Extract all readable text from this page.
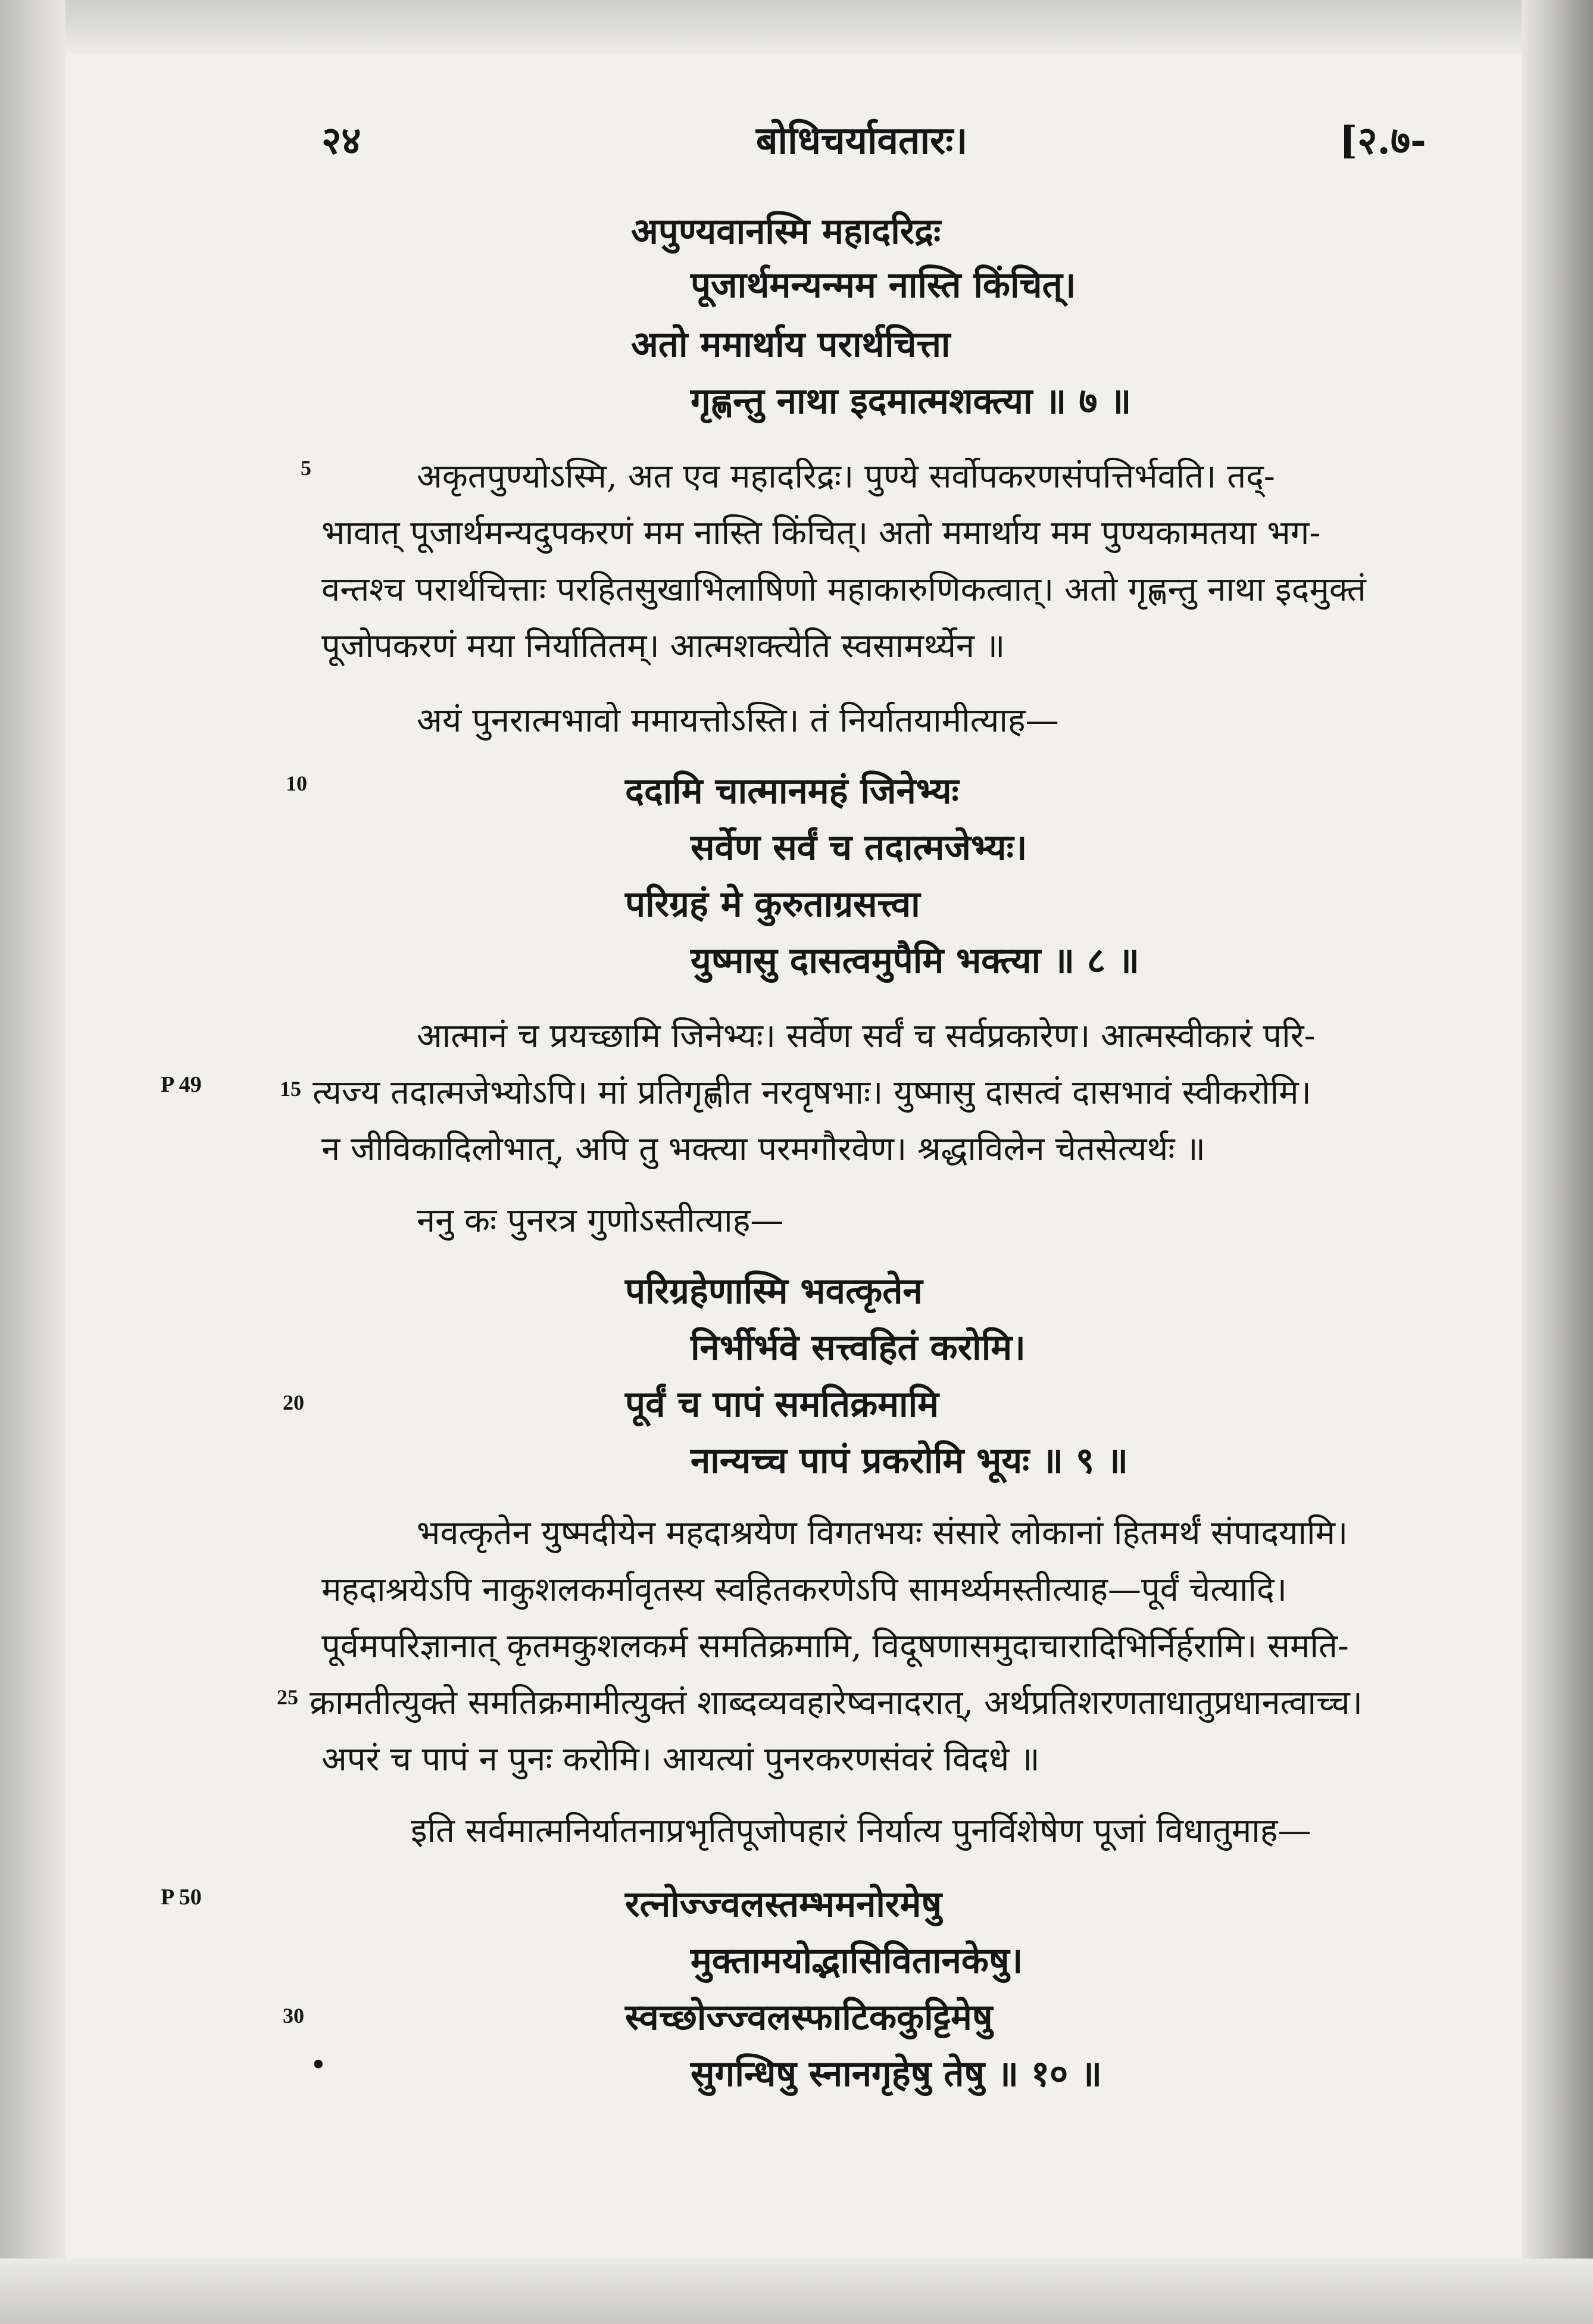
२४	बोधिचर्यावतारः।	[२.७-
अपुण्यवानस्मि महादरिद्रः
पूजार्थमन्यन्मम नास्ति किंचित्।
अतो ममार्थाय परार्थचित्ता
गृह्णन्तु नाथा इदमात्मशक्त्या ॥ ७ ॥
5	अकृतपुण्योऽस्मि, अत एव महादरिद्रः। पुण्ये सर्वोपकरणसंपत्तिर्भवति। तद्-
भावात् पूजार्थमन्यदुपकरणं मम नास्ति किंचित्। अतो ममार्थाय मम पुण्यकामतया भग-
वन्तश्च परार्थचित्ताः परहितसुखाभिलाषिणो महाकारुणिकत्वात्। अतो गृह्णन्तु नाथा इदमुक्तं
पूजोपकरणं मया निर्यातितम्। आत्मशक्त्येति स्वसामर्थ्येन ॥
अयं पुनरात्मभावो ममायत्तोऽस्ति। तं निर्यातयामीत्याह—
10	ददामि चात्मानमहं जिनेभ्यः
सर्वेण सर्वं च तदात्मजेभ्यः।
परिग्रहं मे कुरुताग्रसत्त्वा
युष्मासु दासत्वमुपैमि भक्त्या ॥ ८ ॥
आत्मानं च प्रयच्छामि जिनेभ्यः। सर्वेण सर्वं च सर्वप्रकारेण। आत्मस्वीकारं परि-
P 49	15 त्यज्य तदात्मजेभ्योऽपि। मां प्रतिगृह्णीत नरवृषभाः। युष्मासु दासत्वं दासभावं स्वीकरोमि।
न जीविकादिलोभात्, अपि तु भक्त्या परमगौरवेण। श्रद्धाविलेन चेतसेत्यर्थः ॥
ननु कः पुनरत्र गुणोऽस्तीत्याह—
परिग्रहेणास्मि भवत्कृतेन
निर्भीर्भवे सत्त्वहितं करोमि।
20	पूर्वं च पापं समतिक्रमामि
नान्यच्च पापं प्रकरोमि भूयः ॥ ९ ॥
भवत्कृतेन युष्मदीयेन महदाश्रयेण विगतभयः संसारे लोकानां हितमर्थं संपादयामि।
महदाश्रयेऽपि नाकुशलकर्मावृतस्य स्वहितकरणेऽपि सामर्थ्यमस्तीत्याह—पूर्वं चेत्यादि।
पूर्वमपरिज्ञानात् कृतमकुशलकर्म समतिक्रमामि, विदूषणासमुदाचारादिभिर्निर्हरामि। समति-
25 क्रामतीत्युक्ते समतिक्रमामीत्युक्तं शाब्दव्यवहारेष्वनादरात्, अर्थप्रतिशरणताधातुप्रधानत्वाच्च।
अपरं च पापं न पुनः करोमि। आयत्यां पुनरकरणसंवरं विदधे ॥
इति सर्वमात्मनिर्यातनाप्रभृतिपूजोपहारं निर्यात्य पुनर्विशेषेण पूजां विधातुमाह—
P 50	रत्नोज्ज्वलस्तम्भमनोरमेषु
मुक्तामयोद्भासिवितानकेषु।
30	स्वच्छोज्ज्वलस्फाटिककुट्टिमेषु
•	सुगन्धिषु स्नानगृहेषु तेषु ॥ १० ॥
